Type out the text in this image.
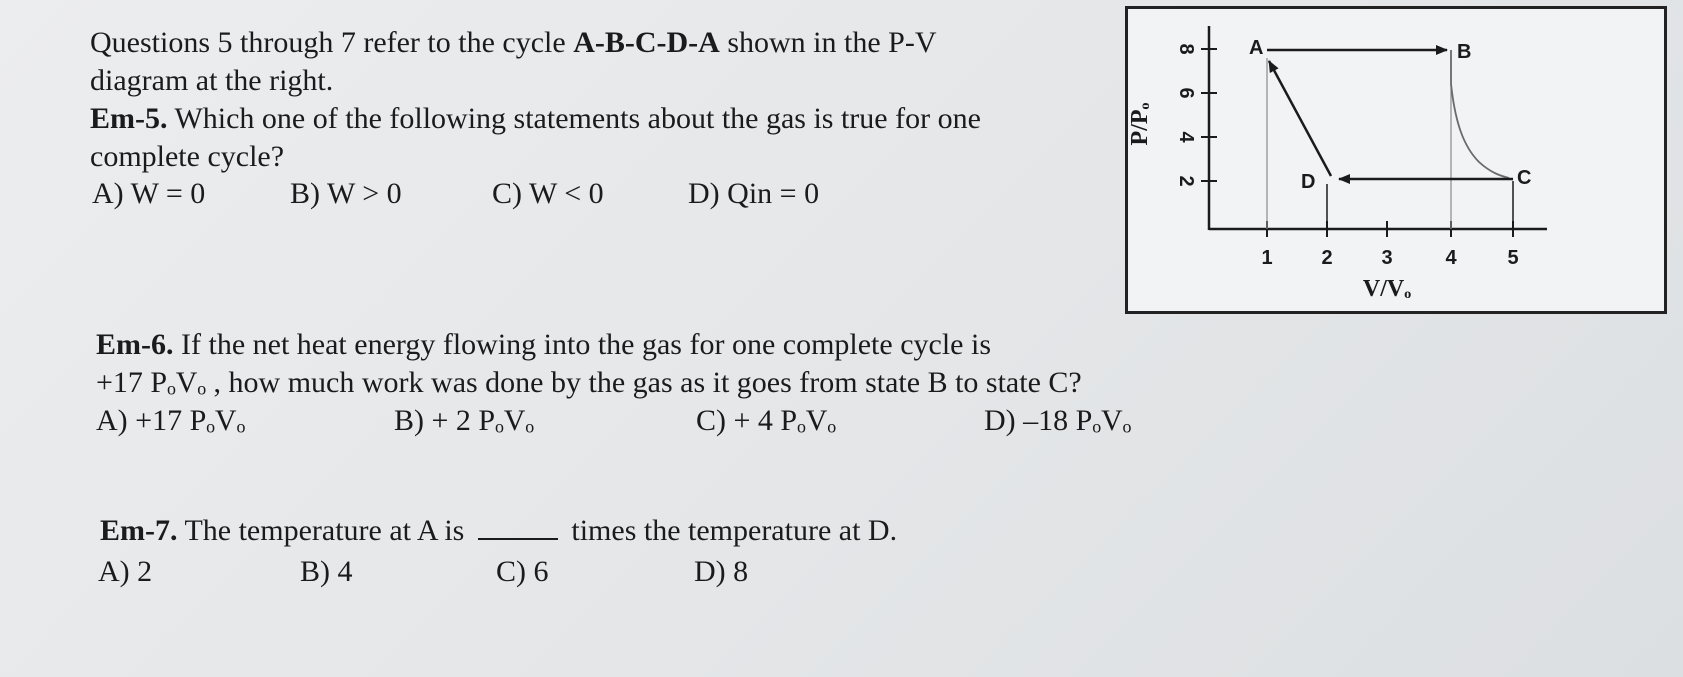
Questions 5 through 7 refer to the cycle A-B-C-D-A shown in the P-V
diagram at the right.
Em-5. Which one of the following statements about the gas is true for one
complete cycle?
A) W = 0	B) W > 0	C) W < 0	D) Qin = 0
Em-6. If the net heat energy flowing into the gas for one complete cycle is
+17 PₒVₒ , how much work was done by the gas as it goes from state B to state C?
A) +17 PₒVₒ	B) + 2 PₒVₒ	C) + 4 PₒVₒ	D) –18 PₒVₒ
Em-7. The temperature at A is	times the temperature at D.
A) 2	B) 4	C) 6	D) 8
8
6
4
2
P/Pₒ
1 2 3	4	5
V/Vₒ
A	B
C
D
